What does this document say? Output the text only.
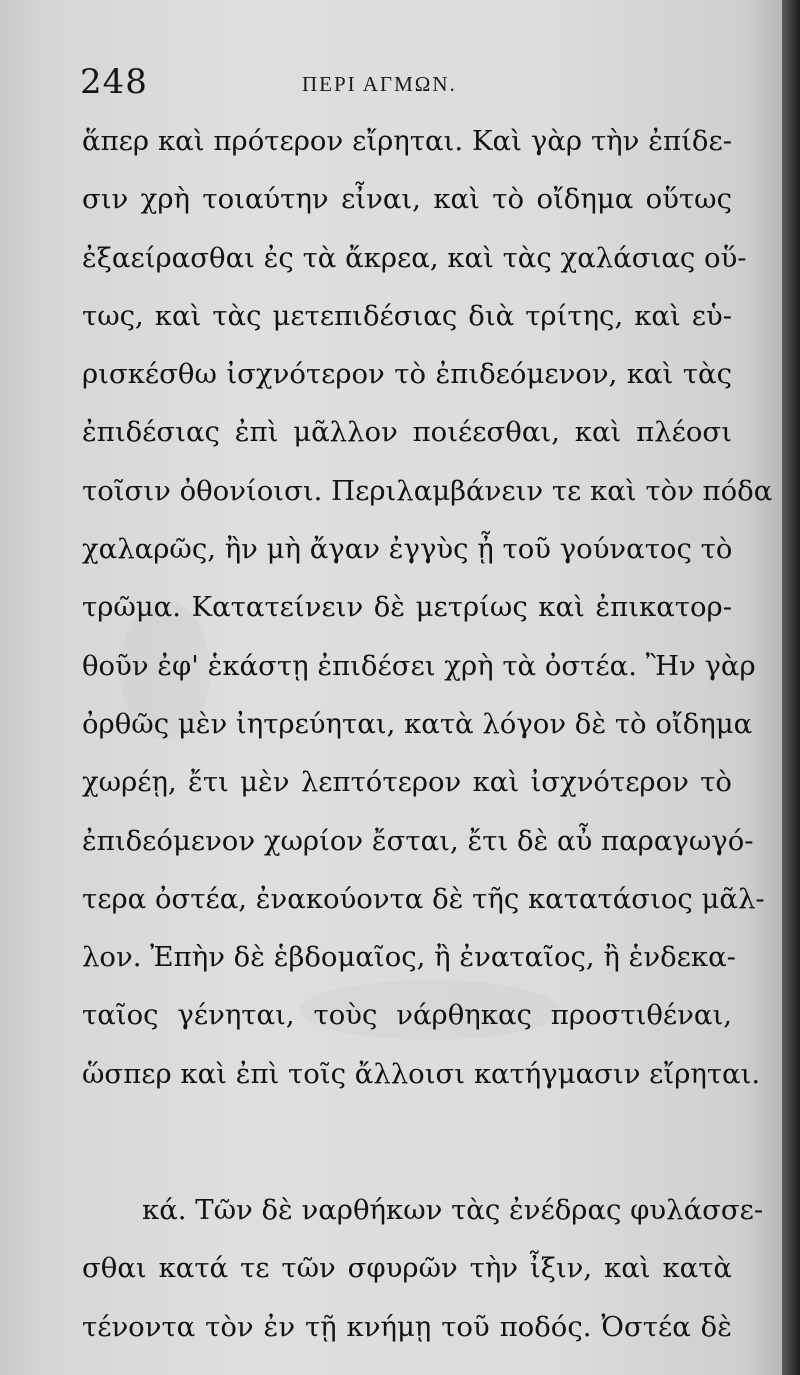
248	ΠΕΡΙ ΑΓΜΩΝ.
ἅπερ καὶ πρότερον εἴρηται. Καὶ γὰρ τὴν ἐπίδε-
σιν χρὴ τοιαύτην εἶναι, καὶ τὸ οἴδημα οὕτως
ἐξαείρασθαι ἐς τὰ ἄκρεα, καὶ τὰς χαλάσιας οὕ-
τως, καὶ τὰς μετεπιδέσιας διὰ τρίτης, καὶ εὑ-
ρισκέσθω ἰσχνότερον τὸ ἐπιδεόμενον, καὶ τὰς
ἐπιδέσιας ἐπὶ μᾶλλον ποιέεσθαι, καὶ πλέοσι
τοῖσιν ὀθονίοισι. Περιλαμβάνειν τε καὶ τὸν πόδα
χαλαρῶς, ἢν μὴ ἄγαν ἐγγὺς ᾖ τοῦ γούνατος τὸ
τρῶμα. Κατατείνειν δὲ μετρίως καὶ ἐπικατορ-
θοῦν ἐφ' ἑκάστῃ ἐπιδέσει χρὴ τὰ ὀστέα. Ἢν γὰρ
ὀρθῶς μὲν ἰητρεύηται, κατὰ λόγον δὲ τὸ οἴδημα
χωρέῃ, ἔτι μὲν λεπτότερον καὶ ἰσχνότερον τὸ
ἐπιδεόμενον χωρίον ἔσται, ἔτι δὲ αὖ παραγωγό-
τερα ὀστέα, ἐνακούοντα δὲ τῆς κατατάσιος μᾶλ-
λον. Ἐπὴν δὲ ἑβδομαῖος, ἢ ἐναταῖος, ἢ ἑνδεκα-
ταῖος γένηται, τοὺς νάρθηκας προστιθέναι,
ὥσπερ καὶ ἐπὶ τοῖς ἄλλοισι κατήγμασιν εἴρηται.
κά. Τῶν δὲ ναρθήκων τὰς ἐνέδρας φυλάσσε-
σθαι κατά τε τῶν σφυρῶν τὴν ἶξιν, καὶ κατὰ
τένοντα τὸν ἐν τῇ κνήμῃ τοῦ ποδός. Ὀστέα δὲ
